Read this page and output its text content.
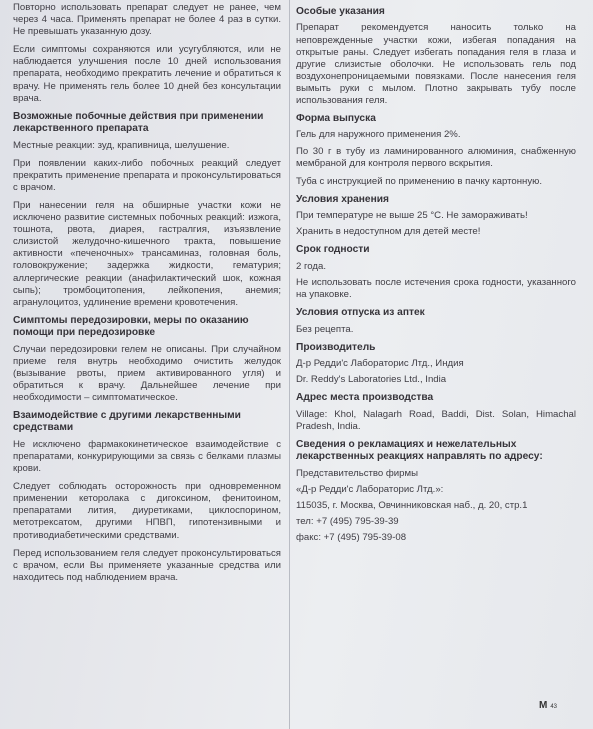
Повторно использовать препарат следует не ранее, чем через 4 часа. Применять препарат не более 4 раз в сутки. Не превышать указанную дозу.

Если симптомы сохраняются или усугубляются, или не наблюдается улучшения после 10 дней использования препарата, необходимо прекратить лечение и обратиться к врачу. Не применять гель более 10 дней без консультации врача.

Возможные побочные действия при применении лекарственного препарата

Местные реакции: зуд, крапивница, шелушение.

При появлении каких-либо побочных реакций следует прекратить применение препарата и проконсультироваться с врачом.

При нанесении геля на обширные участки кожи не исключено развитие системных побочных реакций: изжога, тошнота, рвота, диарея, гастралгия, изъязвление слизистой желудочно-кишечного тракта, повышение активности «печеночных» трансаминаз, головная боль, головокружение; задержка жидкости, гематурия; аллергические реакции (анафилактический шок, кожная сыпь); тромбоцитопения, лейкопения, анемия; агранулоцитоз, удлинение времени кровотечения.

Симптомы передозировки, меры по оказанию помощи при передозировке

Случаи передозировки гелем не описаны. При случайном приеме геля внутрь необходимо очистить желудок (вызывание рвоты, прием активированного угля) и обратиться к врачу. Дальнейшее лечение при необходимости – симптоматическое.

Взаимодействие с другими лекарственными средствами

Не исключено фармакокинетическое взаимодействие с препаратами, конкурирующими за связь с белками плазмы крови.

Следует соблюдать осторожность при одновременном применении кеторолака с дигоксином, фенитоином, препаратами лития, диуретиками, циклоспорином, метотрексатом, другими НПВП, гипотензивными и противодиабетическими средствами.

Перед использованием геля следует проконсультироваться с врачом, если Вы применяете указанные средства или находитесь под наблюдением врача.

Особые указания

Препарат рекомендуется наносить только на неповрежденные участки кожи, избегая попадания на открытые раны. Следует избегать попадания геля в глаза и другие слизистые оболочки. Не использовать гель под воздухонепроницаемыми повязками. После нанесения геля вымыть руки с мылом. Плотно закрывать тубу после использования геля.

Форма выпуска

Гель для наружного применения 2%.

По 30 г в тубу из ламинированного алюминия, снабженную мембраной для контроля первого вскрытия.

Туба с инструкцией по применению в пачку картонную.

Условия хранения

При температуре не выше 25 °С. Не замораживать!

Хранить в недоступном для детей месте!

Срок годности

2 года.

Не использовать после истечения срока годности, указанного на упаковке.

Условия отпуска из аптек

Без рецепта.

Производитель

Д-р Редди'с Лабораторис Лтд., Индия

Dr. Reddy's Laboratories Ltd., India

Адрес места производства

Village: Khol, Nalagarh Road, Baddi, Dist. Solan, Himachal Pradesh, India.

Сведения о рекламациях и нежелательных лекарственных реакциях направлять по адресу:

Представительство фирмы

«Д-р Редди'с Лабораторис Лтд.»:

115035, г. Москва, Овчинниковская наб., д. 20, стр.1

тел: +7 (495) 795-39-39

факс: +7 (495) 795-39-08

M 43
